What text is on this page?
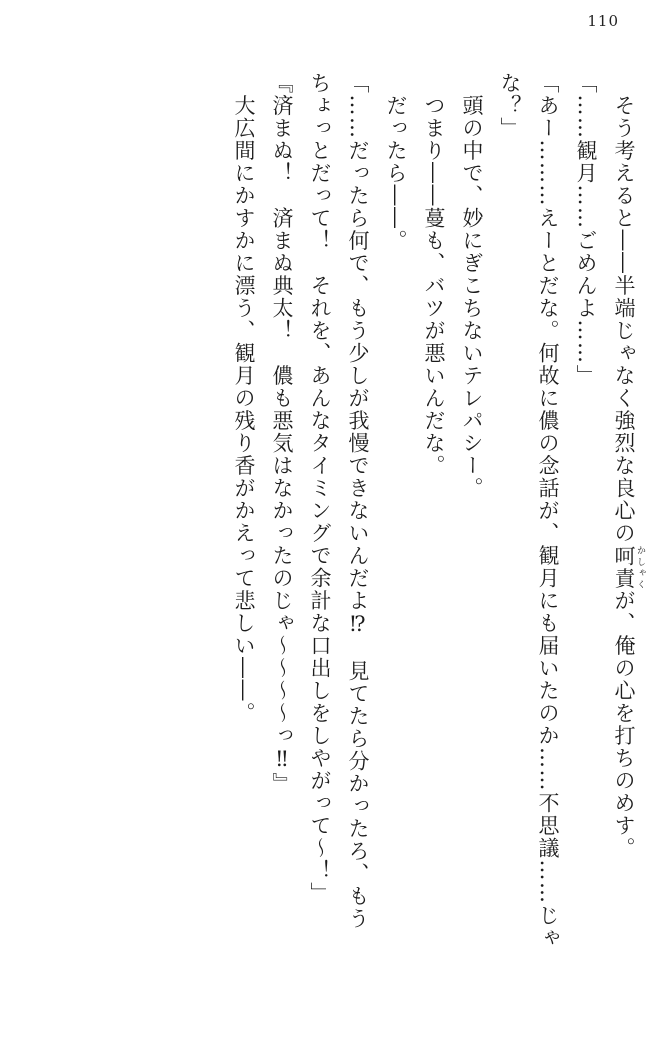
110
　そう考えると――半端じゃなく強烈な良心の呵責 かしゃくが、俺の心を打ちのめす。
「……観月……ごめんよ……」
「あー………えーとだな。何故に儂の念話が、観月にも届いたのか……不思議……じゃ
な？」
　頭の中で、妙にぎこちないテレパシー。
　つまり――蔓も、バツが悪いんだな。
　だったら――。
「……だったら何で、もう少しが我慢できないんだよ⁉　見てたら分かったろ、もう
ちょっとだって！　それを、あんなタイミングで余計な口出しをしやがって〜！」
『済まぬ！　済まぬ典太！　儂も悪気はなかったのじゃ〜〜〜〜っ‼』
　大広間にかすかに漂う、観月の残り香がかえって悲しい――。
